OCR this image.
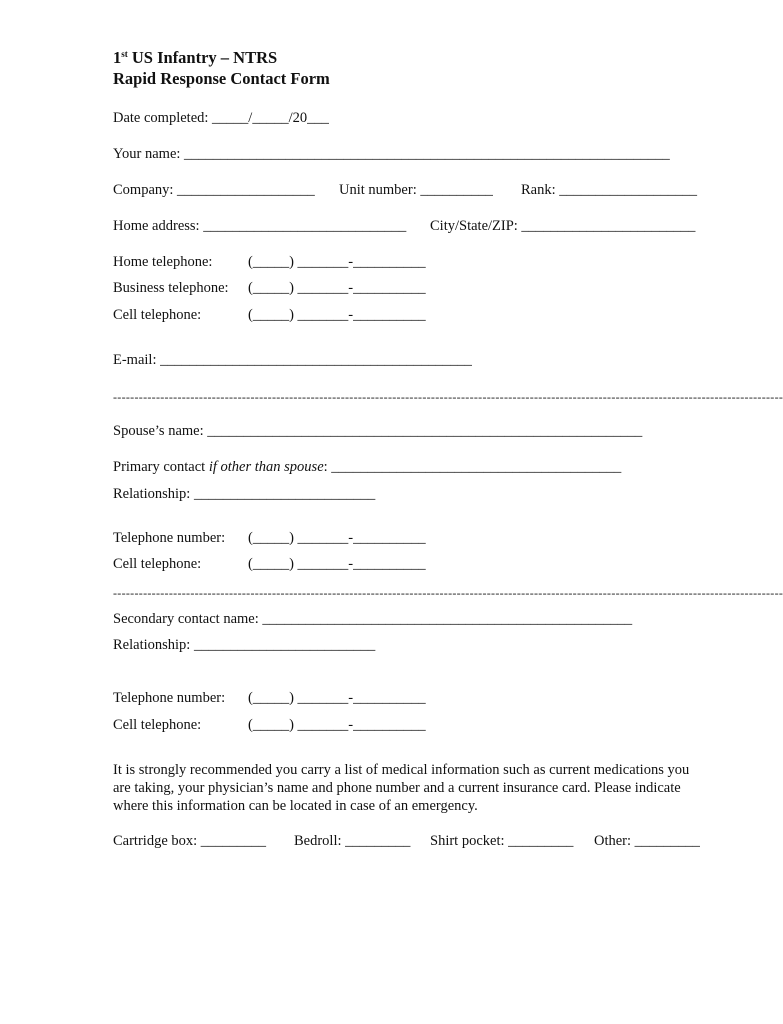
1st US Infantry – NTRS
Rapid Response Contact Form
Date completed: _____/_____/20___
Your name: ___________________________________________________________________
Company: ___________________ Unit number: __________ Rank: ___________________
Home address: ____________________________ City/State/ZIP: ________________________
Home telephone: (_____) _______-__________
Business telephone: (_____) _______-__________
Cell telephone:	(_____) _______-__________
E-mail: ___________________________________________
------------------------------------------------------------------------------------------------------------------------------------------------------------
Spouse’s name: ____________________________________________________________
Primary contact if other than spouse: ________________________________________
Relationship: _________________________
Telephone number: (_____) _______-__________
Cell telephone:	(_____) _______-__________
------------------------------------------------------------------------------------------------------------------------------------------------------------
Secondary contact name: ___________________________________________________
Relationship: _________________________
Telephone number: (_____) _______-__________
Cell telephone:	(_____) _______-__________
It is strongly recommended you carry a list of medical information such as current medications you are taking, your physician’s name and phone number and a current insurance card. Please indicate where this information can be located in case of an emergency.
Cartridge box: _________ Bedroll: _________ Shirt pocket: _________ Other: _________
